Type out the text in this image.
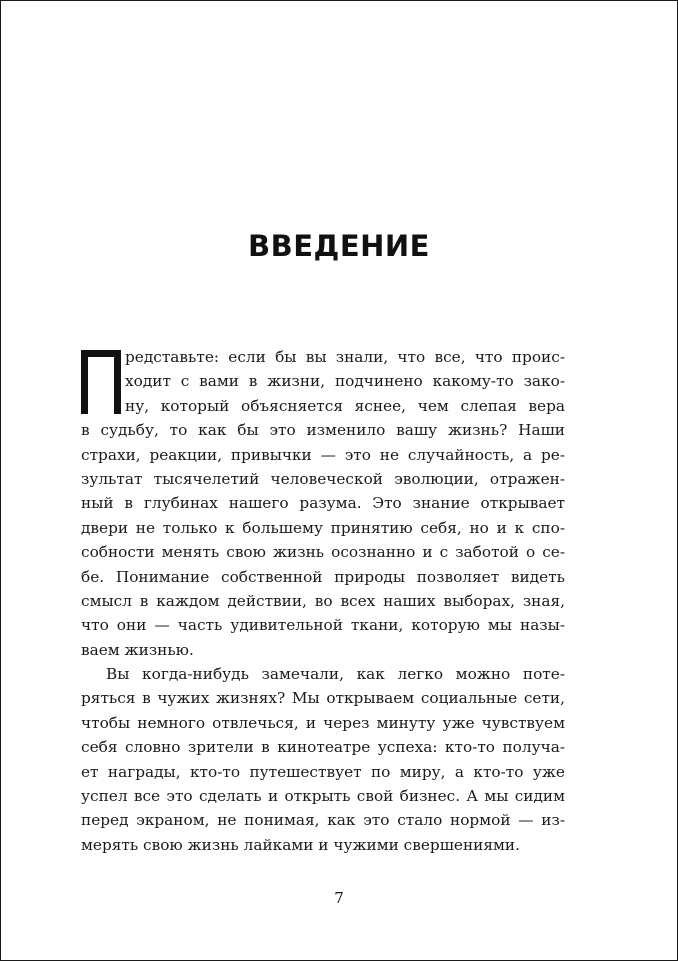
ВВЕДЕНИЕ
редставьте: если бы вы знали, что все, что проис-
ходит с вами в жизни, подчинено какому-то зако-
ну, который объясняется яснее, чем слепая вера
в судьбу, то как бы это изменило вашу жизнь? Наши
страхи, реакции, привычки — это не случайность, а ре-
зультат тысячелетий человеческой эволюции, отражен-
ный в глубинах нашего разума. Это знание открывает
двери не только к большему принятию себя, но и к спо-
собности менять свою жизнь осознанно и с заботой о се-
бе. Понимание собственной природы позволяет видеть
смысл в каждом действии, во всех наших выборах, зная,
что они — часть удивительной ткани, которую мы назы-
ваем жизнью.
Вы когда-нибудь замечали, как легко можно поте-
ряться в чужих жизнях? Мы открываем социальные сети,
чтобы немного отвлечься, и через минуту уже чувствуем
себя словно зрители в кинотеатре успеха: кто-то получа-
ет награды, кто-то путешествует по миру, а кто-то уже
успел все это сделать и открыть свой бизнес. А мы сидим
перед экраном, не понимая, как это стало нормой — из-
мерять свою жизнь лайками и чужими свершениями.
7
